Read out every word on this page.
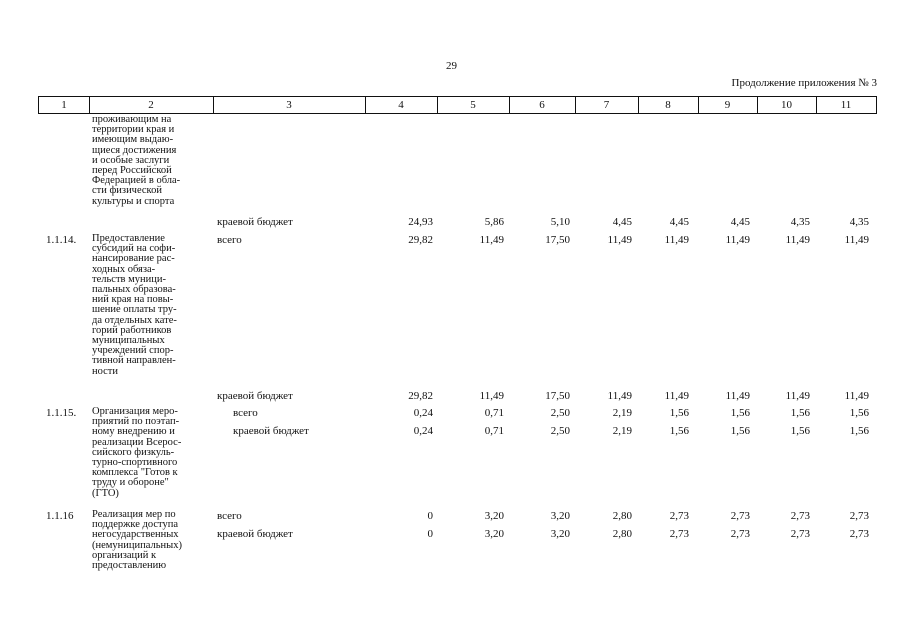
29
Продолжение приложения № 3
1	2	3	4	5	6	7	8	9	10	11
проживающим на
территории края и
имеющим выдаю-
щиеся достижения
и особые заслуги
перед Российской
Федерацией в обла-
сти физической
культуры и спорта
краевой бюджет	24,93	5,86	5,10	4,45	4,45	4,45	4,35	4,35
1.1.14. Предоставление
субсидий на софи-
нансирование рас-
ходных обяза-
тельств муници-
пальных образова-
ний края на повы-
шение оплаты тру-
да отдельных кате-
горий работников
муниципальных
учреждений спор-
тивной направлен-
ности
всего	29,82	11,49	17,50	11,49	11,49	11,49	11,49	11,49
краевой бюджет	29,82	11,49	17,50	11,49	11,49	11,49	11,49	11,49
1.1.15. Организация меро-
приятий по поэтап-
ному внедрению и
реализации Всерос-
сийского физкуль-
турно-спортивного
комплекса "Готов к
труду и обороне"
(ГТО)
всего	0,24	0,71	2,50	2,19	1,56	1,56	1,56	1,56
краевой бюджет	0,24	0,71	2,50	2,19	1,56	1,56	1,56	1,56
1.1.16 Реализация мер по
поддержке доступа
негосударственных
(немуниципальных)
организаций к
предоставлению
всего	0	3,20	3,20	2,80	2,73	2,73	2,73	2,73
краевой бюджет	0	3,20	3,20	2,80	2,73	2,73	2,73	2,73
